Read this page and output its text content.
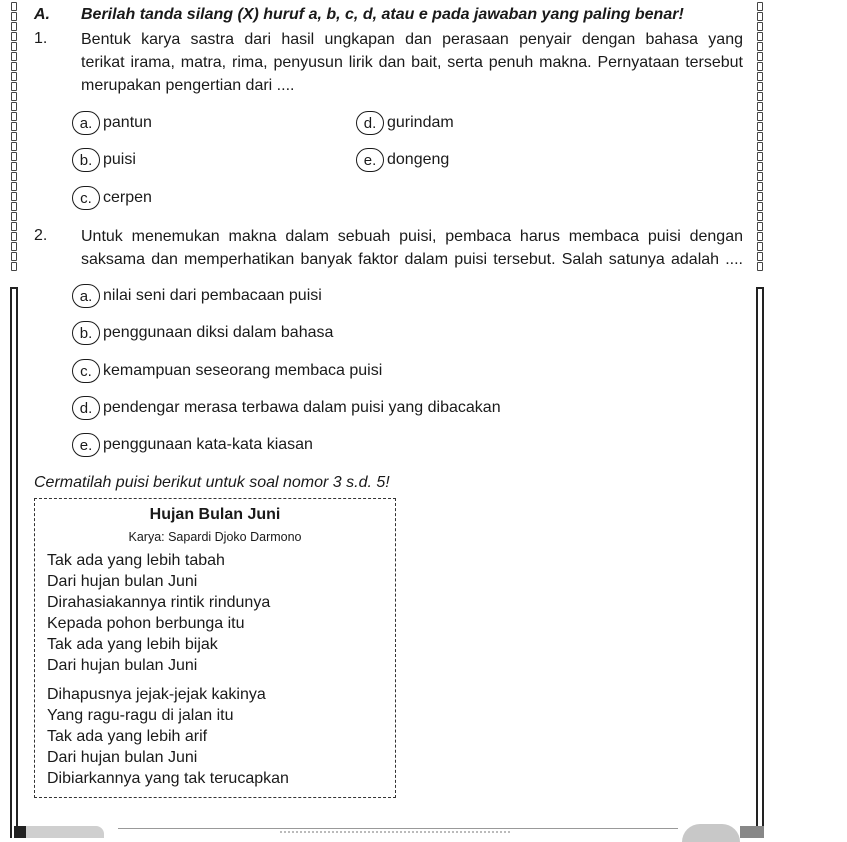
A. Berilah tanda silang (X) huruf a, b, c, d, atau e pada jawaban yang paling benar!
1. Bentuk karya sastra dari hasil ungkapan dan perasaan penyair dengan bahasa yang
terikat irama, matra, rima, penyusun lirik dan bait, serta penuh makna. Pernyataan tersebut
merupakan pengertian dari ....
a. pantun
b. puisi
c. cerpen
d. gurindam
e. dongeng
2. Untuk menemukan makna dalam sebuah puisi, pembaca harus membaca puisi dengan
saksama dan memperhatikan banyak faktor dalam puisi tersebut. Salah satunya adalah ....
a. nilai seni dari pembacaan puisi
b. penggunaan diksi dalam bahasa
c. kemampuan seseorang membaca puisi
d. pendengar merasa terbawa dalam puisi yang dibacakan
e. penggunaan kata-kata kiasan
Cermatilah puisi berikut untuk soal nomor 3 s.d. 5!
Hujan Bulan Juni
Karya: Sapardi Djoko Darmono
Tak ada yang lebih tabah
Dari hujan bulan Juni
Dirahasiakannya rintik rindunya
Kepada pohon berbunga itu
Tak ada yang lebih bijak
Dari hujan bulan Juni
Dihapusnya jejak-jejak kakinya
Yang ragu-ragu di jalan itu
Tak ada yang lebih arif
Dari hujan bulan Juni
Dibiarkannya yang tak terucapkan
